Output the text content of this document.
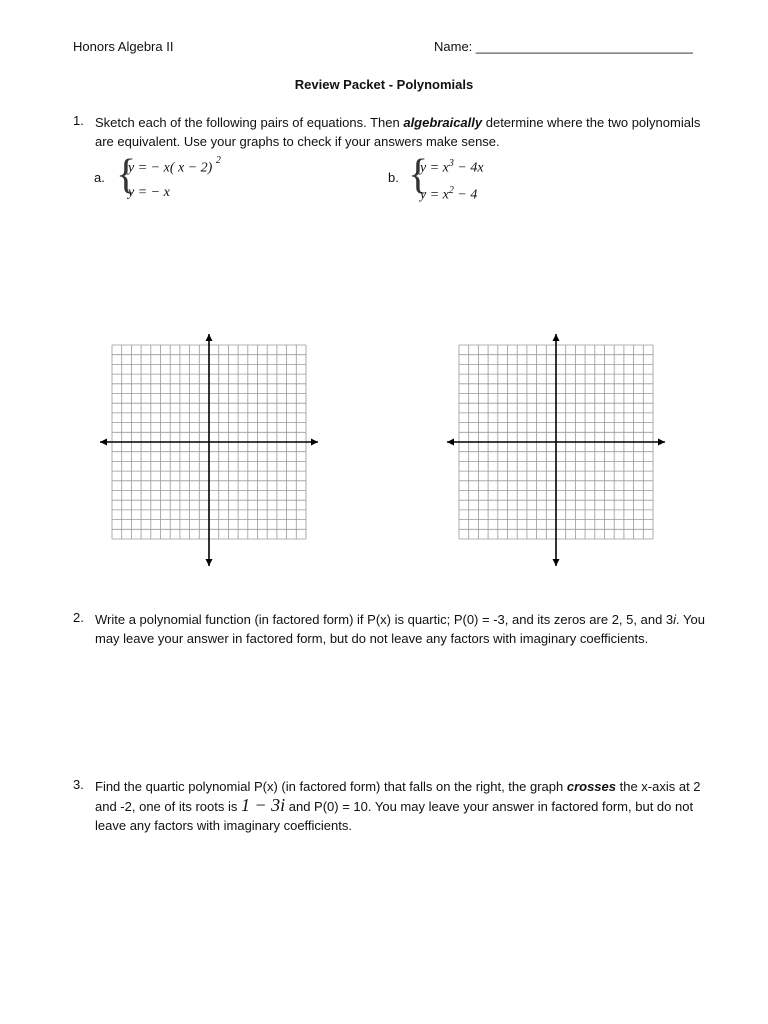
Honors Algebra II	Name: ______________________________
Review Packet - Polynomials
1. Sketch each of the following pairs of equations. Then algebraically determine where the two polynomials are equivalent. Use your graphs to check if your answers make sense.
a. {
y = − x( x − 2) $^2$
y = − x
b. {
$y = x^3 - 4x$
$y = x^2 - 4$
2. Write a polynomial function (in factored form) if P(x) is quartic; P(0) = -3, and its zeros are 2, 5, and 3i. You may leave your answer in factored form, but do not leave any factors with imaginary coefficients.
3. Find the quartic polynomial P(x) (in factored form) that falls on the right, the graph crosses the x-axis at 2 and -2, one of its roots is 1 − 3i and P(0) = 10. You may leave your answer in factored form, but do not leave any factors with imaginary coefficients.
